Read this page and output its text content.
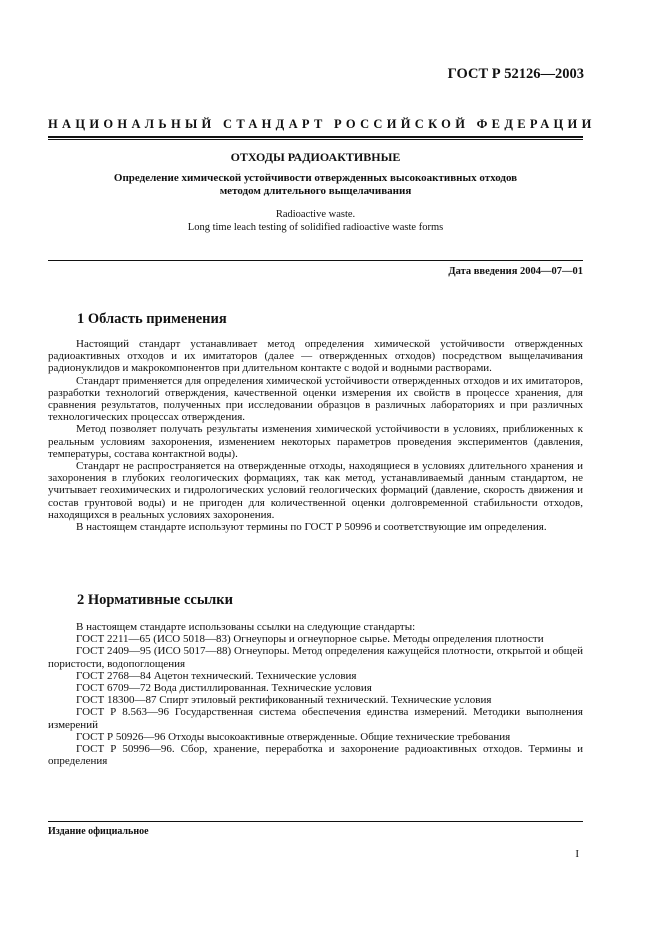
ГОСТ Р 52126—2003
НАЦИОНАЛЬНЫЙ СТАНДАРТ РОССИЙСКОЙ ФЕДЕРАЦИИ
ОТХОДЫ РАДИОАКТИВНЫЕ
Определение химической устойчивости отвержденных высокоактивных отходов
методом длительного выщелачивания
Radioactive waste.
Long time leach testing of solidified radioactive waste forms
Дата введения 2004—07—01
1 Область применения

Настоящий стандарт устанавливает метод определения химической устойчивости отвержденных радиоактивных отходов и их имитаторов (далее — отвержденных отходов) посредством выщелачивания радионуклидов и макрокомпонентов при длительном контакте с водой и водными растворами.

Стандарт применяется для определения химической устойчивости отвержденных отходов и их имитаторов, разработки технологий отверждения, качественной оценки измерения их свойств в процессе хранения, для сравнения результатов, полученных при исследовании образцов в различных лабораториях и при различных технологических процессах отверждения.

Метод позволяет получать результаты изменения химической устойчивости в условиях, приближенных к реальным условиям захоронения, изменением некоторых параметров проведения экспериментов (давления, температуры, состава контактной воды).

Стандарт не распространяется на отвержденные отходы, находящиеся в условиях длительного хранения и захоронения в глубоких геологических формациях, так как метод, устанавливаемый данным стандартом, не учитывает геохимических и гидрологических условий геологических формаций (давление, скорость движения и состав грунтовой воды) и не пригоден для количественной оценки долговременной стабильности отходов, находящихся в реальных условиях захоронения.

В настоящем стандарте используют термины по ГОСТ Р 50996 и соответствующие им определения.

2 Нормативные ссылки

В настоящем стандарте использованы ссылки на следующие стандарты:

ГОСТ 2211—65 (ИСО 5018—83) Огнеупоры и огнеупорное сырье. Методы определения плотности

ГОСТ 2409—95 (ИСО 5017—88) Огнеупоры. Метод определения кажущейся плотности, открытой и общей пористости, водопоглощения

ГОСТ 2768—84 Ацетон технический. Технические условия

ГОСТ 6709—72 Вода дистиллированная. Технические условия

ГОСТ 18300—87 Спирт этиловый ректификованный технический. Технические условия

ГОСТ Р 8.563—96 Государственная система обеспечения единства измерений. Методики выполнения измерений

ГОСТ Р 50926—96 Отходы высокоактивные отвержденные. Общие технические требования

ГОСТ Р 50996—96. Сбор, хранение, переработка и захоронение радиоактивных отходов. Термины и определения

Издание официальное
I
